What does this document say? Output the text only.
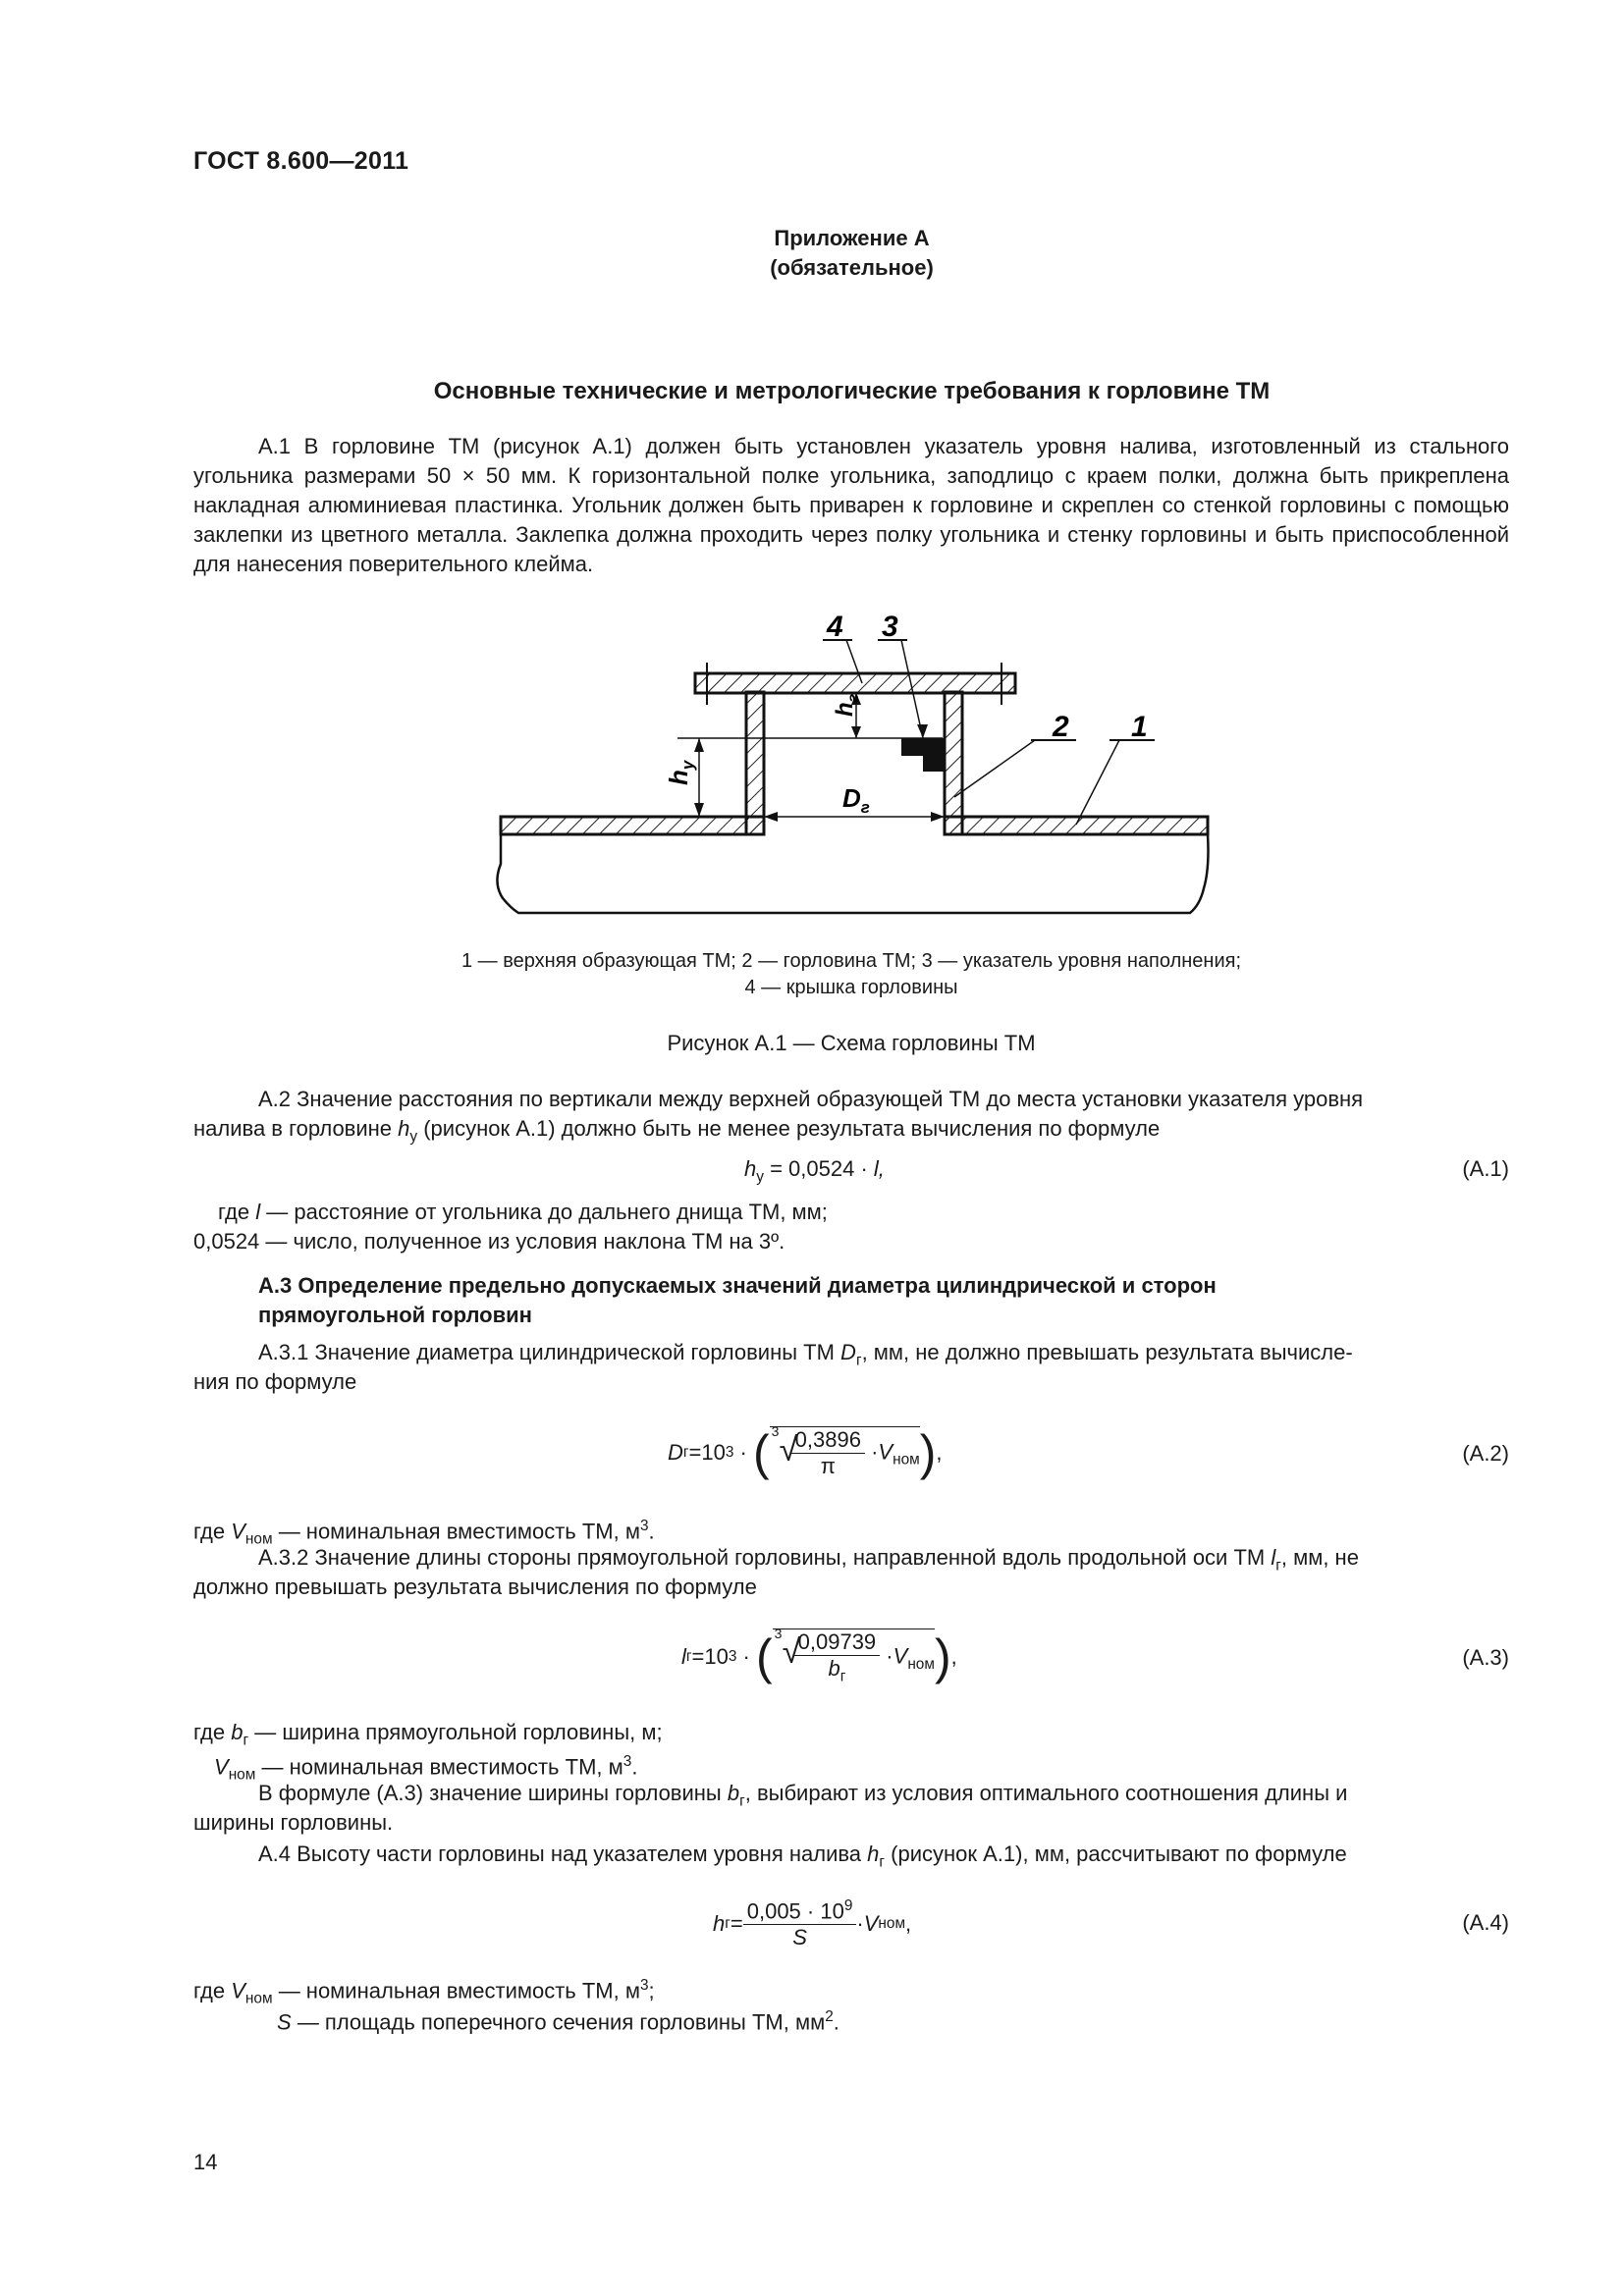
ГОСТ 8.600—2011
Приложение А
(обязательное)
Основные технические и метрологические требования к горловине ТМ
А.1 В горловине ТМ (рисунок А.1) должен быть установлен указатель уровня налива, изготовленный из стального угольника размерами 50 × 50 мм. К горизонтальной полке угольника, заподлицо с краем полки, должна быть прикреплена накладная алюминиевая пластинка. Угольник должен быть приварен к горловине и скреплен со стенкой горловины с помощью заклепки из цветного металла. Заклепка должна проходить через полку угольника и стенку горловины и быть приспособленной для нанесения поверительного клейма.
$h_у$
$h_г$
$D_г$
4 3
2 1
1 — верхняя образующая ТМ; 2 — горловина ТМ; 3 — указатель уровня наполнения;
4 — крышка горловины
Рисунок А.1 — Схема горловины ТМ
А.2 Значение расстояния по вертикали между верхней образующей ТМ до места установки указателя уровня
налива в горловине $h_у$ (рисунок А.1) должно быть не менее результата вычисления по формуле
$h_у = 0,0524 \cdot l$,	(А.1)
где l — расстояние от угольника до дальнего днища ТМ, мм;
0,0524 — число, полученное из условия наклона ТМ на 3º.
А.3 Определение предельно допускаемых значений диаметра цилиндрической и сторон
прямоугольной горловин
А.3.1 Значение диаметра цилиндрической горловины ТМ $D_г$, мм, не должно превышать результата вычисле-
ния по формуле
D г = 10 3 · ( 3 √
$\frac{0,3896}{\pi} \cdot V_{ном}$ ) ,	(А.2)
где $V_{ном}$ — номинальная вместимость ТМ, $м^3$.
А.3.2 Значение длины стороны прямоугольной горловины, направленной вдоль продольной оси ТМ $l_г$, мм, не
должно превышать результата вычисления по формуле
l г = 10 3 · ( 3 √
$\frac{0,09739}{b_г} \cdot V_{ном}$ ) ,	(А.3)
где $b_г$ — ширина прямоугольной горловины, м;
$V_{ном}$ — номинальная вместимость ТМ, $м^3$.
В формуле (А.3) значение ширины горловины $b_г$, выбирают из условия оптимального соотношения длины и
ширины горловины.
А.4 Высоту части горловины над указателем уровня налива $h_г$ (рисунок А.1), мм, рассчитывают по формуле
h $г = \frac{0,005 \cdot 10^9}{S} \cdot V$ ном ,	(А.4)
где $V_{ном}$ — номинальная вместимость ТМ, $м^3$;
S — площадь поперечного сечения горловины ТМ, $мм^2$.
14
